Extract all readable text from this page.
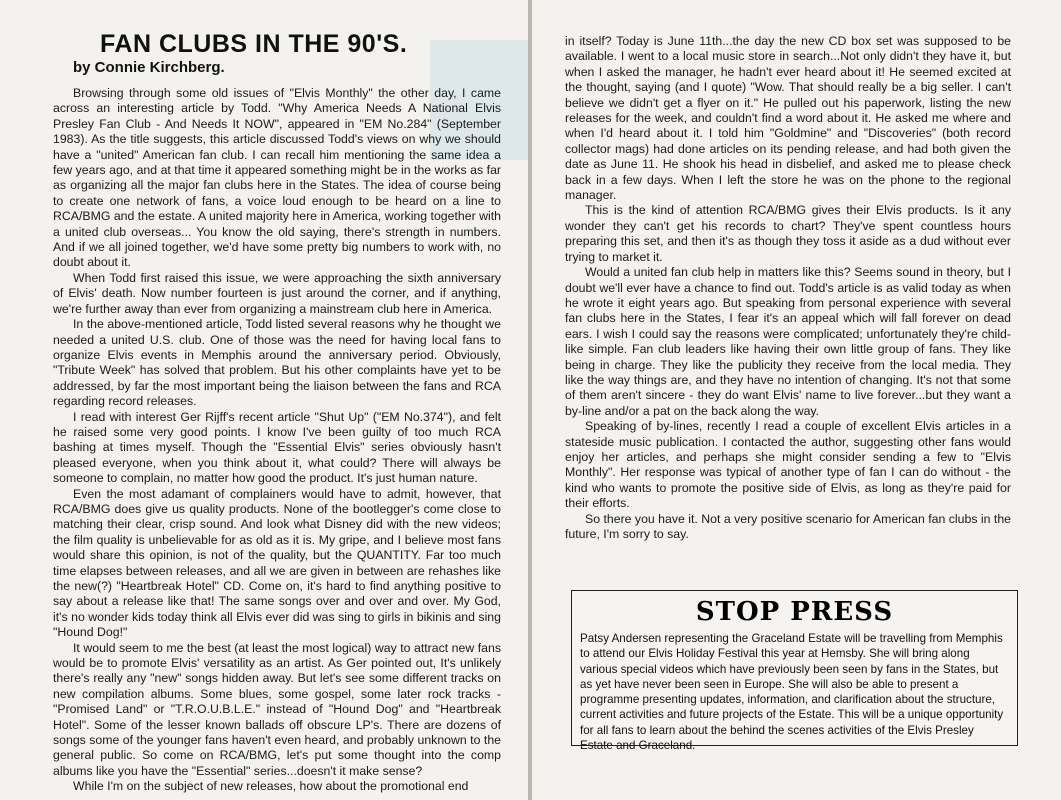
FAN CLUBS IN THE 90'S.
by Connie Kirchberg.

Browsing through some old issues of "Elvis Monthly" the other day, I came across an interesting article by Todd. "Why America Needs A National Elvis Presley Fan Club - And Needs It NOW", appeared in "EM No.284" (September 1983). As the title suggests, this article discussed Todd's views on why we should have a "united" American fan club. I can recall him mentioning the same idea a few years ago, and at that time it appeared something might be in the works as far as organizing all the major fan clubs here in the States. The idea of course being to create one network of fans, a voice loud enough to be heard on a line to RCA/BMG and the estate. A united majority here in America, working together with a united club overseas... You know the old saying, there's strength in numbers. And if we all joined together, we'd have some pretty big numbers to work with, no doubt about it.

When Todd first raised this issue, we were approaching the sixth anniversary of Elvis' death. Now number fourteen is just around the corner, and if anything, we're further away than ever from organizing a mainstream club here in America.

In the above-mentioned article, Todd listed several reasons why he thought we needed a united U.S. club. One of those was the need for having local fans to organize Elvis events in Memphis around the anniversary period. Obviously, "Tribute Week" has solved that problem. But his other complaints have yet to be addressed, by far the most important being the liaison between the fans and RCA regarding record releases.

I read with interest Ger Rijff's recent article "Shut Up" ("EM No.374"), and felt he raised some very good points. I know I've been guilty of too much RCA bashing at times myself. Though the "Essential Elvis" series obviously hasn't pleased everyone, when you think about it, what could? There will always be someone to complain, no matter how good the product. It's just human nature.

Even the most adamant of complainers would have to admit, however, that RCA/BMG does give us quality products. None of the bootlegger's come close to matching their clear, crisp sound. And look what Disney did with the new videos; the film quality is unbelievable for as old as it is. My gripe, and I believe most fans would share this opinion, is not of the quality, but the QUANTITY. Far too much time elapses between releases, and all we are given in between are rehashes like the new(?) "Heartbreak Hotel" CD. Come on, it's hard to find anything positive to say about a release like that! The same songs over and over and over. My God, it's no wonder kids today think all Elvis ever did was sing to girls in bikinis and sing "Hound Dog!"

It would seem to me the best (at least the most logical) way to attract new fans would be to promote Elvis' versatility as an artist. As Ger pointed out, It's unlikely there's really any "new" songs hidden away. But let's see some different tracks on new compilation albums. Some blues, some gospel, some later rock tracks - "Promised Land" or "T.R.O.U.B.L.E." instead of "Hound Dog" and "Heartbreak Hotel". Some of the lesser known ballads off obscure LP's. There are dozens of songs some of the younger fans haven't even heard, and probably unknown to the general public. So come on RCA/BMG, let's put some thought into the comp albums like you have the "Essential" series...doesn't it make sense?

While I'm on the subject of new releases, how about the promotional end

in itself? Today is June 11th...the day the new CD box set was supposed to be available. I went to a local music store in search...Not only didn't they have it, but when I asked the manager, he hadn't ever heard about it! He seemed excited at the thought, saying (and I quote) "Wow. That should really be a big seller. I can't believe we didn't get a flyer on it." He pulled out his paperwork, listing the new releases for the week, and couldn't find a word about it. He asked me where and when I'd heard about it. I told him "Goldmine" and "Discoveries" (both record collector mags) had done articles on its pending release, and had both given the date as June 11. He shook his head in disbelief, and asked me to please check back in a few days. When I left the store he was on the phone to the regional manager.

This is the kind of attention RCA/BMG gives their Elvis products. Is it any wonder they can't get his records to chart? They've spent countless hours preparing this set, and then it's as though they toss it aside as a dud without ever trying to market it.

Would a united fan club help in matters like this? Seems sound in theory, but I doubt we'll ever have a chance to find out. Todd's article is as valid today as when he wrote it eight years ago. But speaking from personal experience with several fan clubs here in the States, I fear it's an appeal which will fall forever on dead ears. I wish I could say the reasons were complicated; unfortunately they're child-like simple. Fan club leaders like having their own little group of fans. They like being in charge. They like the publicity they receive from the local media. They like the way things are, and they have no intention of changing. It's not that some of them aren't sincere - they do want Elvis' name to live forever...but they want a by-line and/or a pat on the back along the way.

Speaking of by-lines, recently I read a couple of excellent Elvis articles in a stateside music publication. I contacted the author, suggesting other fans would enjoy her articles, and perhaps she might consider sending a few to "Elvis Monthly". Her response was typical of another type of fan I can do without - the kind who wants to promote the positive side of Elvis, as long as they're paid for their efforts.

So there you have it. Not a very positive scenario for American fan clubs in the future, I'm sorry to say.

STOP PRESS

Patsy Andersen representing the Graceland Estate will be travelling from Memphis to attend our Elvis Holiday Festival this year at Hemsby. She will bring along various special videos which have previously been seen by fans in the States, but as yet have never been seen in Europe. She will also be able to present a programme presenting updates, information, and clarification about the structure, current activities and future projects of the Estate. This will be a unique opportunity for all fans to learn about the behind the scenes activities of the Elvis Presley Estate and Graceland.
